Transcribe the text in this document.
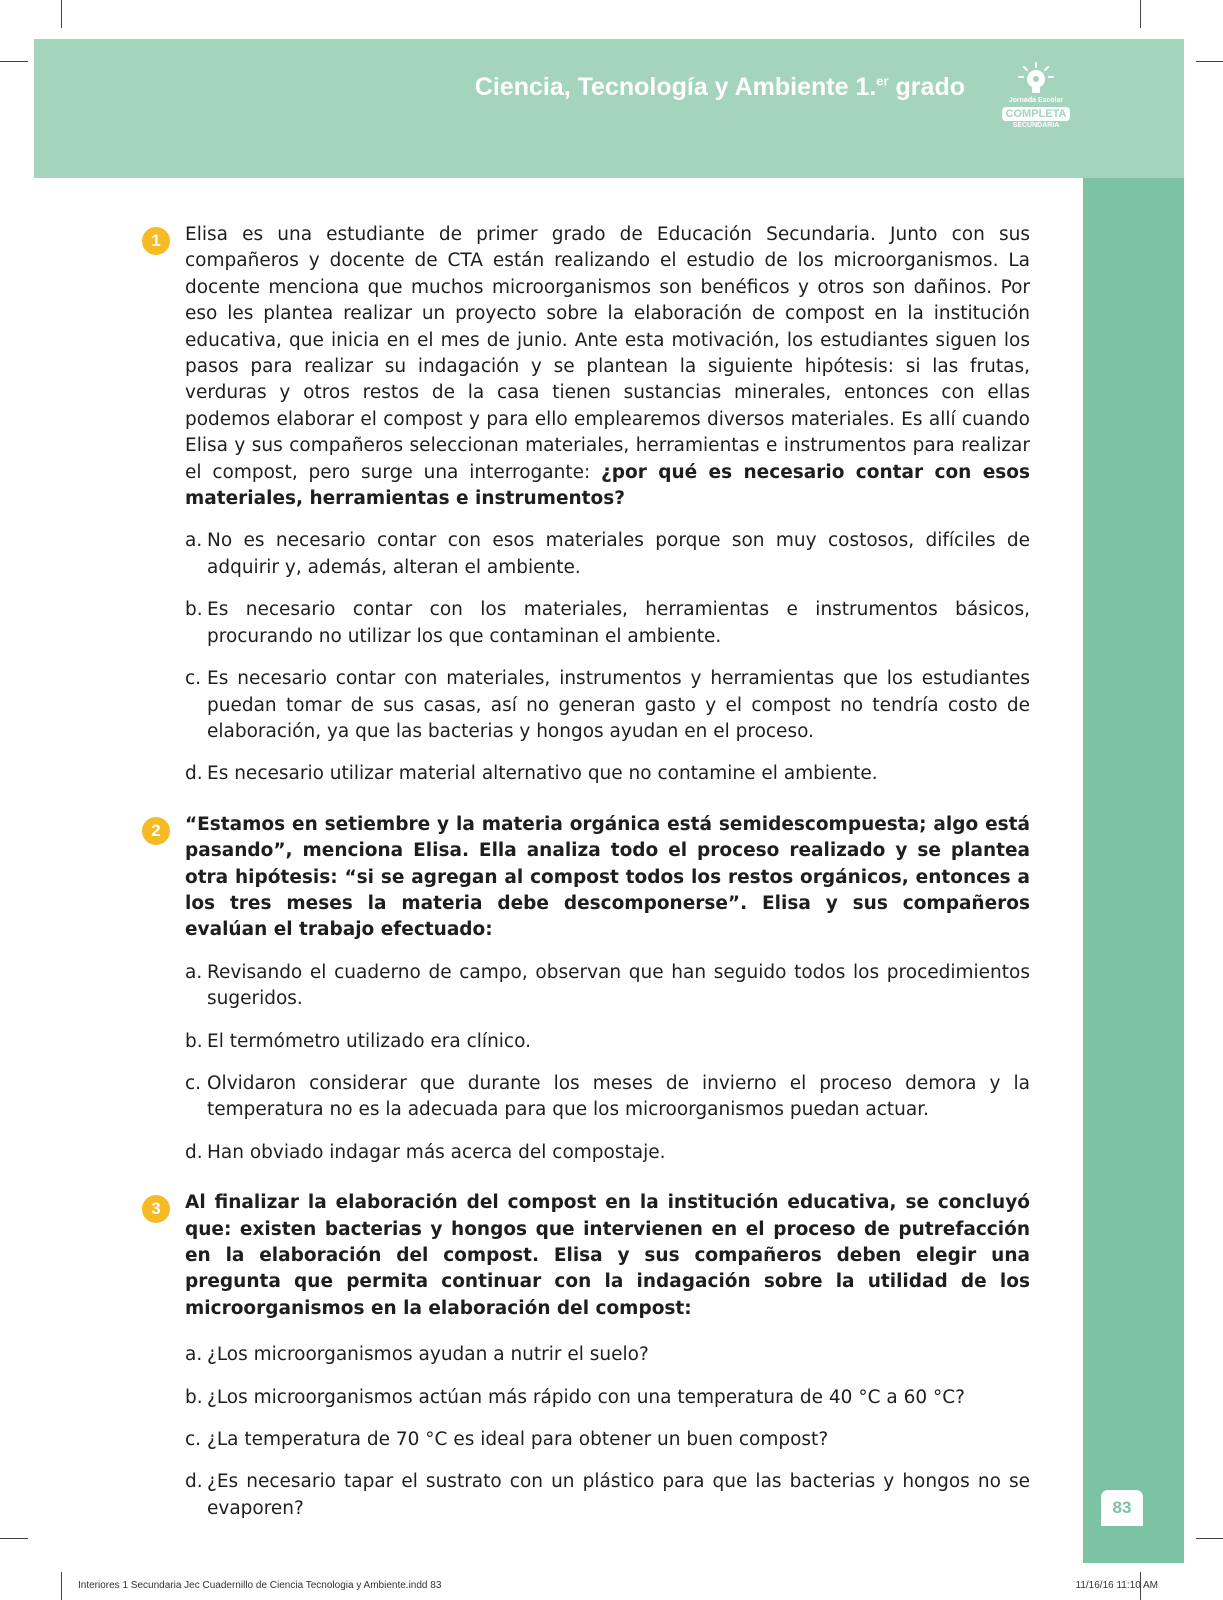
Ciencia, Tecnología y Ambiente 1.$^{er}$ grado	Jornada Escolar
COMPLETA
SECUNDARIA
83
1	Elisa es una estudiante de primer grado de Educación Secundaria. Junto con sus compañeros y docente de CTA están realizando el estudio de los microorganismos. La docente menciona que muchos microorganismos son benéficos y otros son dañinos. Por eso les plantea realizar un proyecto sobre la elaboración de compost en la institución educativa, que inicia en el mes de junio. Ante esta motivación, los estudiantes siguen los pasos para realizar su indagación y se plantean la siguiente hipótesis: si las frutas, verduras y otros restos de la casa tienen sustancias minerales, entonces con ellas podemos elaborar el compost y para ello emplearemos diversos materiales. Es allí cuando Elisa y sus compañeros seleccionan materiales, herramientas e instrumentos para realizar el compost, pero surge una interrogante: ¿por qué es necesario contar con esos materiales, herramientas e instrumentos?

a. No es necesario contar con esos materiales porque son muy costosos, difíciles de adquirir y, además, alteran el ambiente.
b. Es necesario contar con los materiales, herramientas e instrumentos básicos, procurando no utilizar los que contaminan el ambiente.
c. Es necesario contar con materiales, instrumentos y herramientas que los estudiantes puedan tomar de sus casas, así no generan gasto y el compost no tendría costo de elaboración, ya que las bacterias y hongos ayudan en el proceso.
d. Es necesario utilizar material alternativo que no contamine el ambiente.
2	“Estamos en setiembre y la materia orgánica está semidescompuesta; algo está pasando”, menciona Elisa. Ella analiza todo el proceso realizado y se plantea otra hipótesis: “si se agregan al compost todos los restos orgánicos, entonces a los tres meses la materia debe descomponerse”. Elisa y sus compañeros evalúan el trabajo efectuado:

a. Revisando el cuaderno de campo, observan que han seguido todos los procedimientos sugeridos.
b. El termómetro utilizado era clínico.
c. Olvidaron considerar que durante los meses de invierno el proceso demora y la temperatura no es la adecuada para que los microorganismos puedan actuar.
d. Han obviado indagar más acerca del compostaje.
3	Al finalizar la elaboración del compost en la institución educativa, se concluyó que: existen bacterias y hongos que intervienen en el proceso de putrefacción en la elaboración del compost. Elisa y sus compañeros deben elegir una pregunta que permita continuar con la indagación sobre la utilidad de los microorganismos en la elaboración del compost:

a. ¿Los microorganismos ayudan a nutrir el suelo?
b. ¿Los microorganismos actúan más rápido con una temperatura de 40 °C a 60 °C?
c. ¿La temperatura de 70 °C es ideal para obtener un buen compost?
d. ¿Es necesario tapar el sustrato con un plástico para que las bacterias y hongos no se evaporen?
Interiores 1 Secundaria Jec Cuadernillo de Ciencia Tecnologia y Ambiente.indd 83	11/16/16 11:10 AM
